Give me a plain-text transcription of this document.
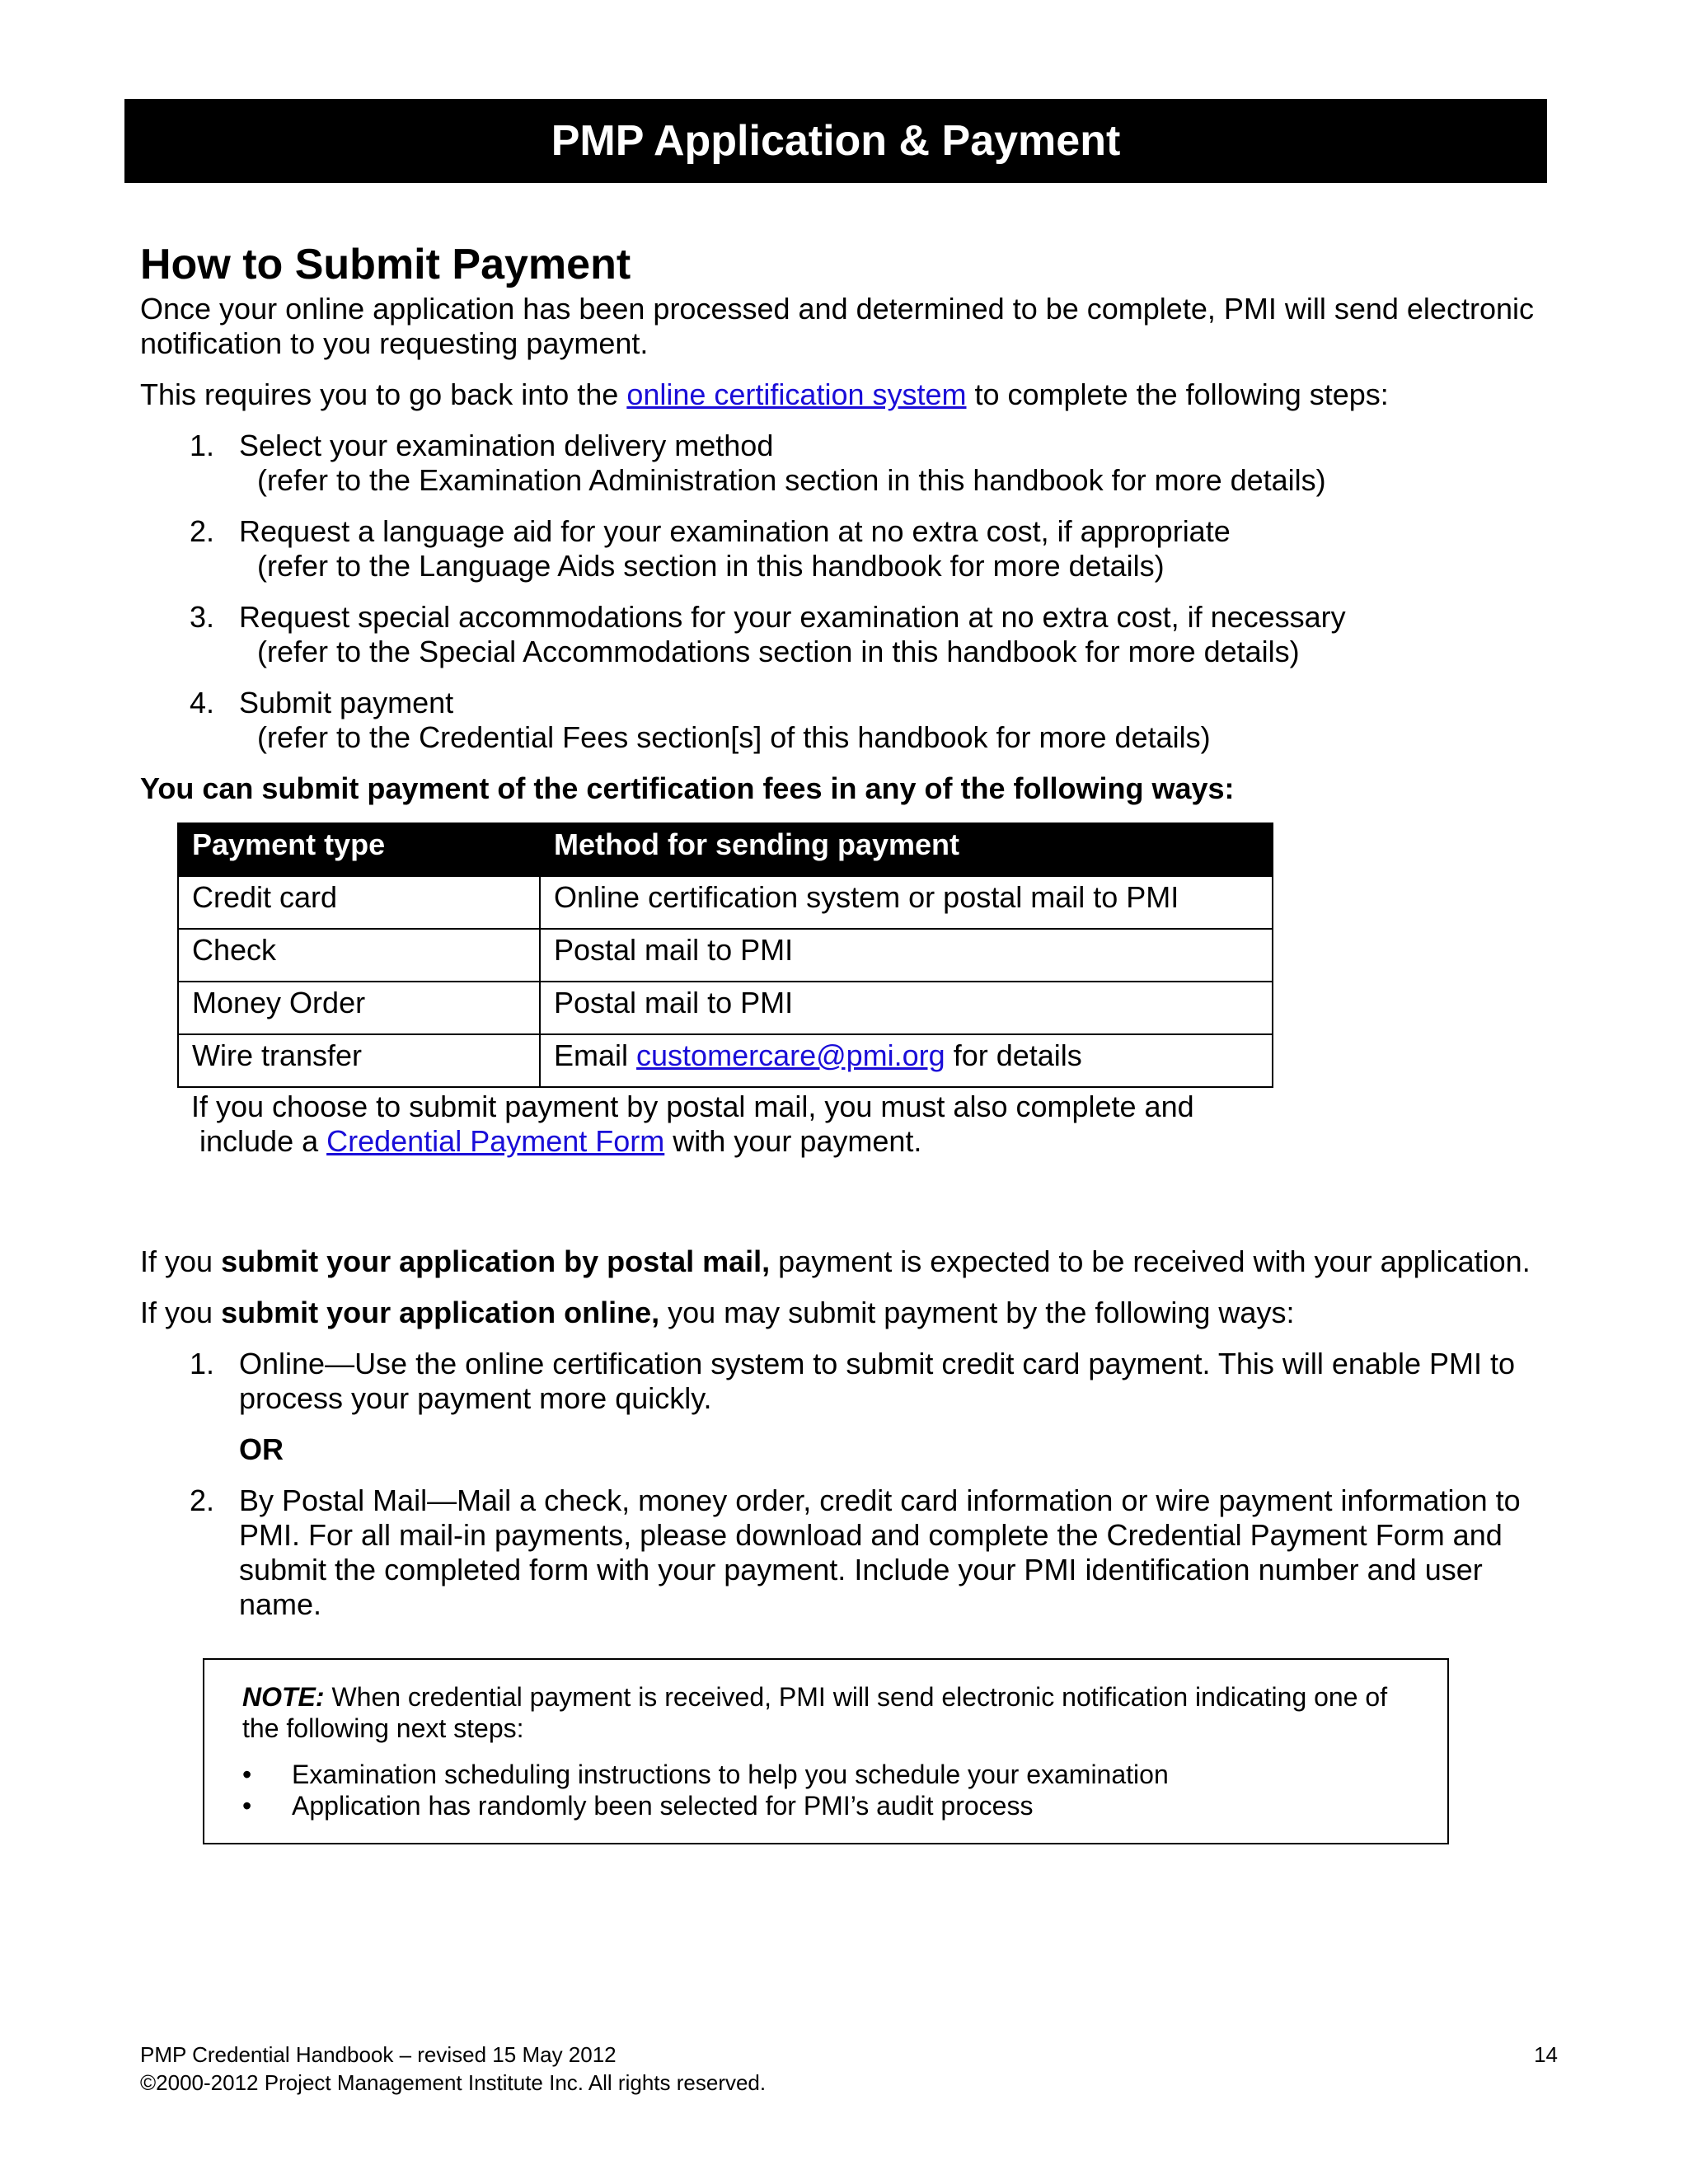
PMP Application & Payment
How to Submit Payment

Once your online application has been processed and determined to be complete, PMI will send electronic notification to you requesting payment.

This requires you to go back into the online certification system to complete the following steps:

1. Select your examination delivery method
(refer to the Examination Administration section in this handbook for more details)
2. Request a language aid for your examination at no extra cost, if appropriate
(refer to the Language Aids section in this handbook for more details)
3. Request special accommodations for your examination at no extra cost, if necessary
(refer to the Special Accommodations section in this handbook for more details)
4. Submit payment
(refer to the Credential Fees section[s] of this handbook for more details)

You can submit payment of the certification fees in any of the following ways:

Payment type	Method for sending payment
Credit card	Online certification system or postal mail to PMI
Check	Postal mail to PMI
Money Order	Postal mail to PMI
Wire transfer	Email customercare@pmi.org for details
If you choose to submit payment by postal mail, you must also complete and
include a Credential Payment Form with your payment.

If you submit your application by postal mail, payment is expected to be received with your application.

If you submit your application online, you may submit payment by the following ways:

1. Online—Use the online certification system to submit credit card payment. This will enable PMI to process your payment more quickly.
OR
2. By Postal Mail—Mail a check, money order, credit card information or wire payment information to PMI. For all mail-in payments, please download and complete the Credential Payment Form and submit the completed form with your payment. Include your PMI identification number and user name.
NOTE: When credential payment is received, PMI will send electronic notification indicating one of the following next steps:
•	Examination scheduling instructions to help you schedule your examination
•	Application has randomly been selected for PMI’s audit process
PMP Credential Handbook – revised 15 May 2012
©2000-2012 Project Management Institute Inc. All rights reserved.
14
